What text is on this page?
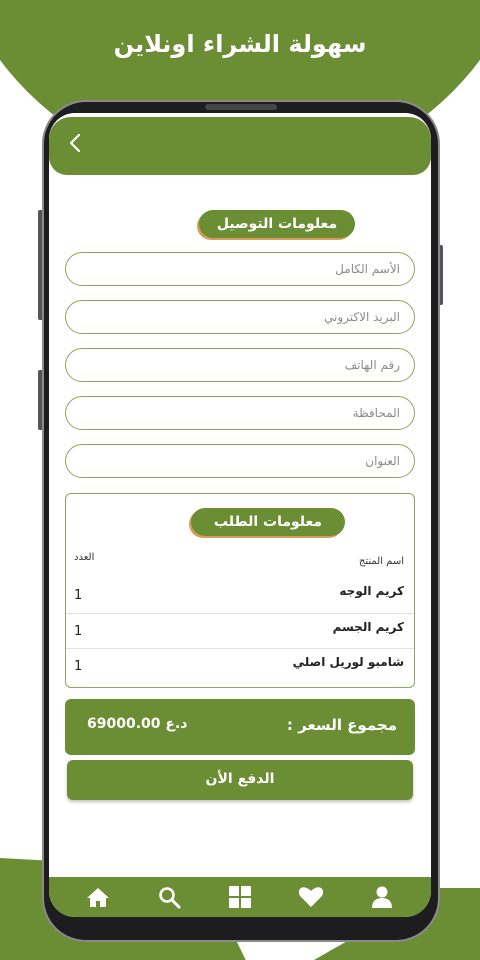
سهولة الشراء اونلاين
معلومات التوصيل
الأسم الكامل
البريد الاكتروني
رقم الهاتف
المحافظة
العنوان
معلومات الطلب
اسم المنتج
العدد
كريم الوجه
1
كريم الجسم
1
شامبو لوريل اصلي
1
مجموع السعر :
69000.00 د.ع
الدفع الأن
